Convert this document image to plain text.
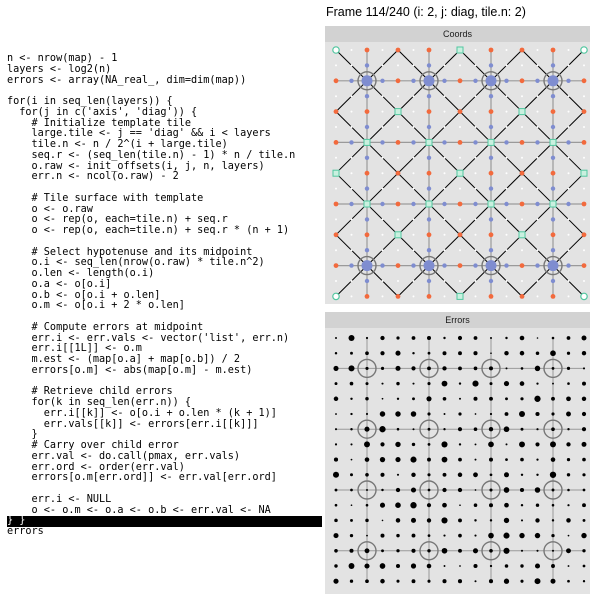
Frame 114/240 (i: 2, j: diag, tile.n: 2)
n <- nrow(map) - 1
layers <- log2(n)
errors <- array(NA_real_, dim=dim(map))
for(i in seq_len(layers)) {
for(j in c('axis', 'diag')) {
# Initialize template tile
large.tile <- j == 'diag' && i < layers
tile.n <- n / 2^(i + large.tile)
seq.r <- (seq_len(tile.n) - 1) * n / tile.n
o.raw <- init_offsets(i, j, n, layers)
err.n <- ncol(o.raw) - 2
# Tile surface with template
o <- o.raw
o <- rep(o, each=tile.n) + seq.r
o <- rep(o, each=tile.n) + seq.r * (n + 1)
# Select hypotenuse and its midpoint
o.i <- seq_len(nrow(o.raw) * tile.n^2)
o.len <- length(o.i)
o.a <- o[o.i]
o.b <- o[o.i + o.len]
o.m <- o[o.i + 2 * o.len]
# Compute errors at midpoint
err.i <- err.vals <- vector('list', err.n)
err.i[[1L]] <- o.m
m.est <- (map[o.a] + map[o.b]) / 2
errors[o.m] <- abs(map[o.m] - m.est)
# Retrieve child errors
for(k in seq_len(err.n)) {
err.i[[k]] <- o[o.i + o.len * (k + 1)]
err.vals[[k]] <- errors[err.i[[k]]]
}
# Carry over child error
err.val <- do.call(pmax, err.vals)
err.ord <- order(err.val)
errors[o.m[err.ord]] <- err.val[err.ord]
err.i <- NULL
o <- o.m <- o.a <- o.b <- err.val <- NA
} }
errors
Coords
Errors
